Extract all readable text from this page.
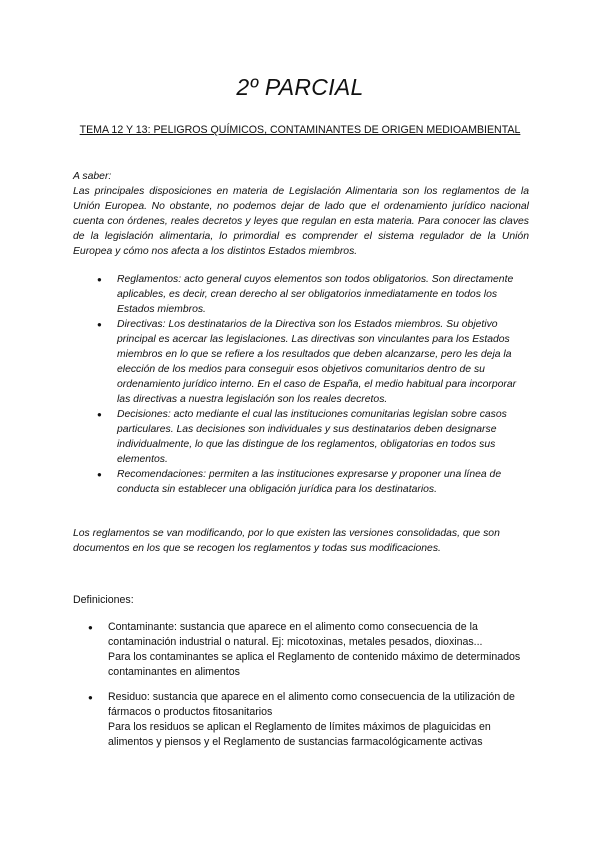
2º PARCIAL
TEMA 12 Y 13: PELIGROS QUÍMICOS, CONTAMINANTES DE ORIGEN MEDIOAMBIENTAL

A saber:

Las principales disposiciones en materia de Legislación Alimentaria son los reglamentos de la Unión Europea. No obstante, no podemos dejar de lado que el ordenamiento jurídico nacional cuenta con órdenes, reales decretos y leyes que regulan en esta materia. Para conocer las claves de la legislación alimentaria, lo primordial es comprender el sistema regulador de la Unión Europea y cómo nos afecta a los distintos Estados miembros.

● Reglamentos: acto general cuyos elementos son todos obligatorios. Son directamente aplicables, es decir, crean derecho al ser obligatorios inmediatamente en todos los Estados miembros.
● Directivas: Los destinatarios de la Directiva son los Estados miembros. Su objetivo principal es acercar las legislaciones. Las directivas son vinculantes para los Estados miembros en lo que se refiere a los resultados que deben alcanzarse, pero les deja la elección de los medios para conseguir esos objetivos comunitarios dentro de su ordenamiento jurídico interno. En el caso de España, el medio habitual para incorporar las directivas a nuestra legislación son los reales decretos.
● Decisiones: acto mediante el cual las instituciones comunitarias legislan sobre casos particulares. Las decisiones son individuales y sus destinatarios deben designarse individualmente, lo que las distingue de los reglamentos, obligatorias en todos sus elementos.
● Recomendaciones: permiten a las instituciones expresarse y proponer una línea de conducta sin establecer una obligación jurídica para los destinatarios.
Los reglamentos se van modificando, por lo que existen las versiones consolidadas, que son documentos en los que se recogen los reglamentos y todas sus modificaciones.
Definiciones:
● Contaminante: sustancia que aparece en el alimento como consecuencia de la contaminación industrial o natural. Ej: micotoxinas, metales pesados, dioxinas...
Para los contaminantes se aplica el Reglamento de contenido máximo de determinados contaminantes en alimentos
● Residuo: sustancia que aparece en el alimento como consecuencia de la utilización de fármacos o productos fitosanitarios
Para los residuos se aplican el Reglamento de límites máximos de plaguicidas en alimentos y piensos y el Reglamento de sustancias farmacológicamente activas
